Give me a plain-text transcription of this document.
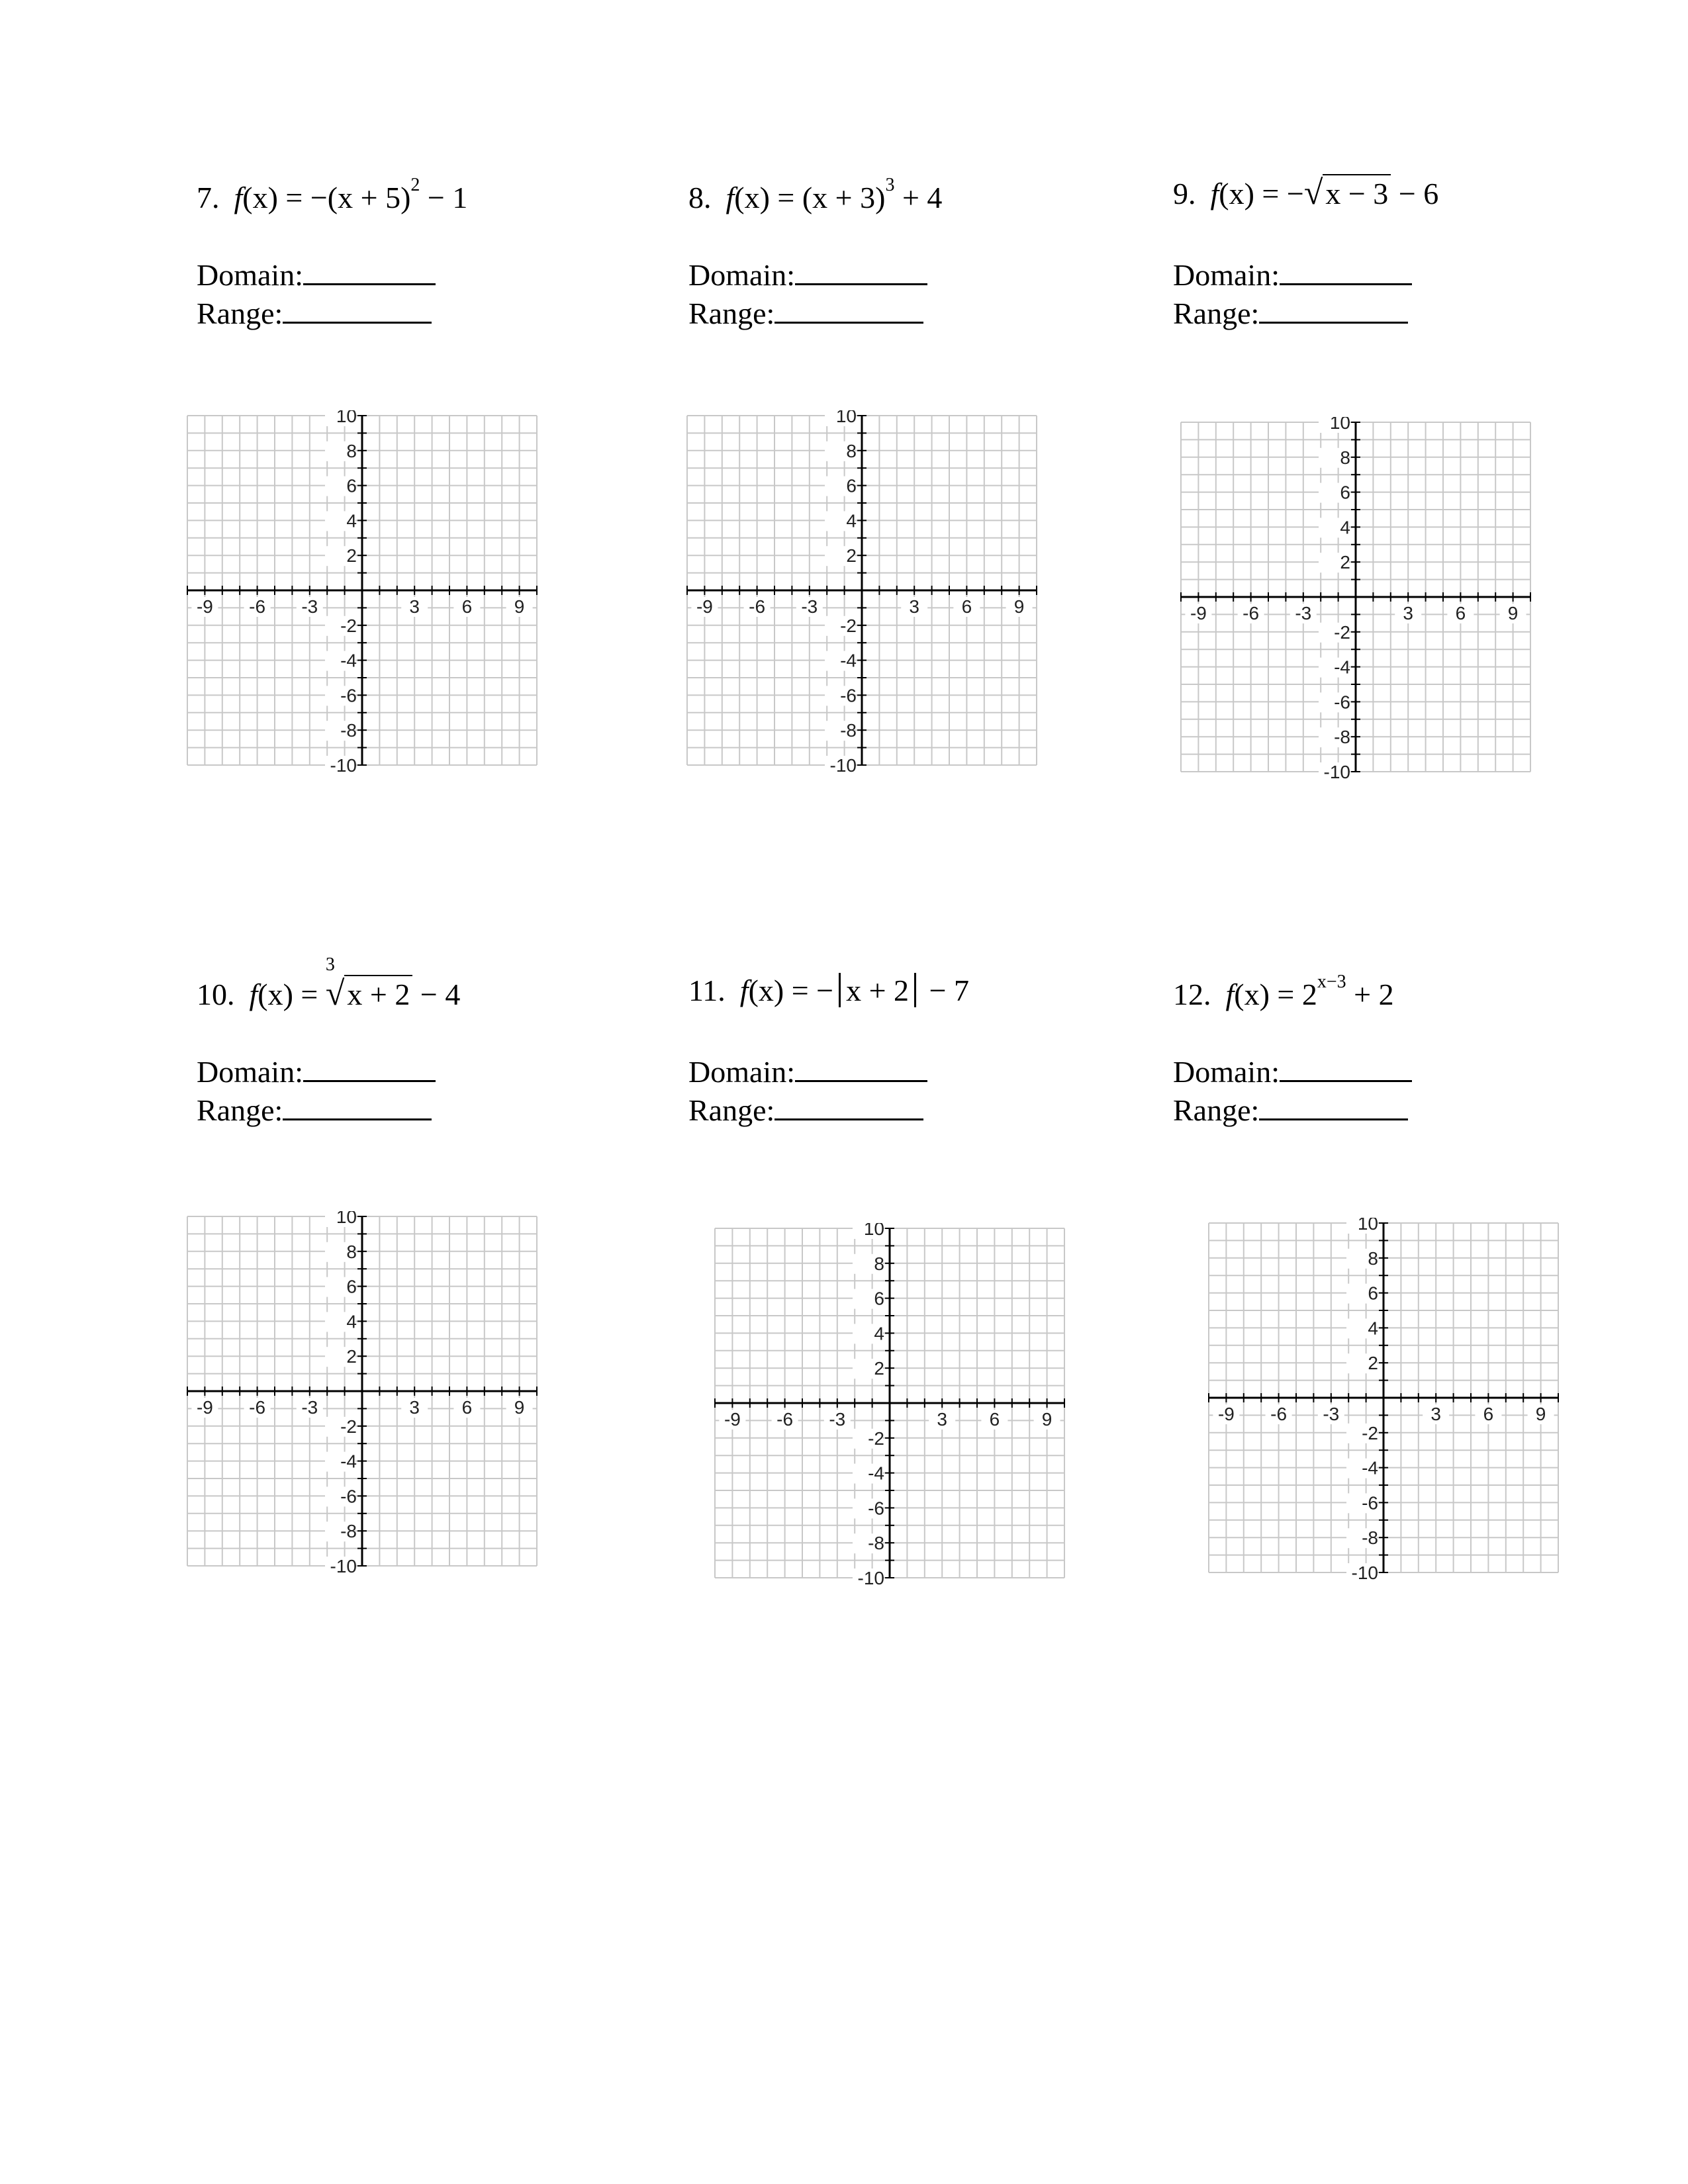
7. $f(x) = -(x + 5)^2 - 1$
Domain:
Range:
8. $f(x) = (x + 3)^3 + 4$
Domain:
Range:
9. f(x) = −√x − 3 − 6
Domain:
Range:
10. f(x) = $^3$√x + 2 − 4
Domain:
Range:
11. f(x) = − x + 2 − 7
Domain:
Range:
12. $f(x) = 2^{x-3} + 2$
Domain:
Range:
-9 -6 -3	3 6 9
10
8
6
4
2
-2
-4
-6
-8
-10
-9 -6 -3	3 6 9
10
8
6
4
2
-2
-4
-6
-8
-10
-9 -6 -3	3 6 9
10
8
6
4
2
-2
-4
-6
-8
-10
-9 -6 -3	3 6 9
10
8
6
4
2
-2
-4
-6
-8
-10
-9 -6 -3	3 6 9
10
8
6
4
2
-2
-4
-6
-8
-10
-9 -6 -3	3 6 9
10
8
6
4
2
-2
-4
-6
-8
-10
